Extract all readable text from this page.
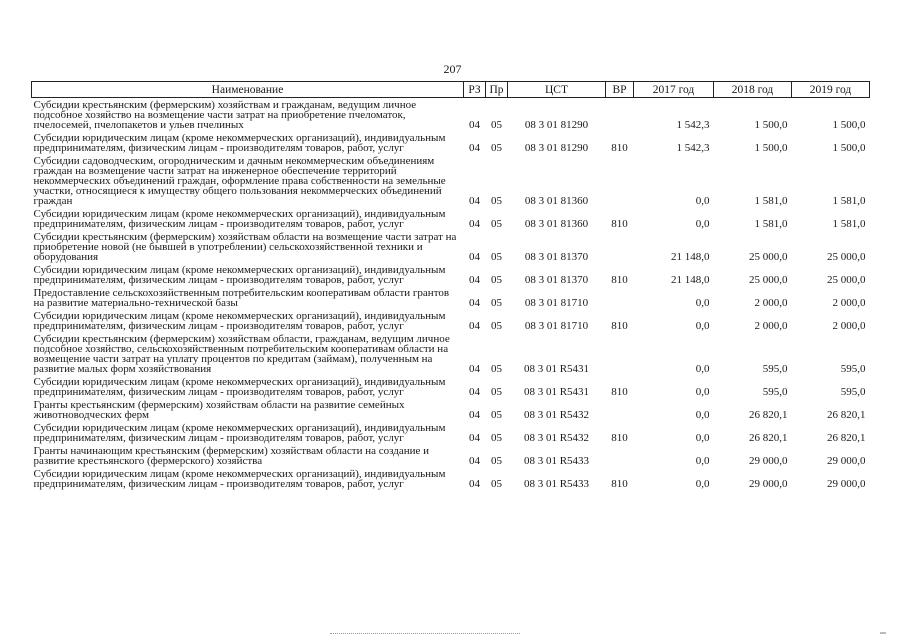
207
Наименование	РЗ	Пр	ЦСТ	ВР	2017 год	2018 год	2019 год
Субсидии крестьянским (фермерским) хозяйствам и гражданам, ведущим личное подсобное хозяйство на возмещение части затрат на приобретение пчеломаток, пчелосемей, пчелопакетов и ульев пчелиных	04	05	08 3 01 81290		1 542,3	1 500,0	1 500,0
Субсидии юридическим лицам (кроме некоммерческих организаций), индивидуальным предпринимателям, физическим лицам - производителям товаров, работ, услуг	04	05	08 3 01 81290	810	1 542,3	1 500,0	1 500,0
Субсидии садоводческим, огородническим и дачным некоммерческим объединениям граждан на возмещение части затрат на инженерное обеспечение территорий некоммерческих объединений граждан, оформление права собственности на земельные участки, относящиеся к имуществу общего пользования некоммерческих объединений граждан	04	05	08 3 01 81360		0,0	1 581,0	1 581,0
Субсидии юридическим лицам (кроме некоммерческих организаций), индивидуальным предпринимателям, физическим лицам - производителям товаров, работ, услуг	04	05	08 3 01 81360	810	0,0	1 581,0	1 581,0
Субсидии крестьянским (фермерским) хозяйствам области на возмещение части затрат на приобретение новой (не бывшей в употреблении) сельскохозяйственной техники и оборудования	04	05	08 3 01 81370		21 148,0	25 000,0	25 000,0
Субсидии юридическим лицам (кроме некоммерческих организаций), индивидуальным предпринимателям, физическим лицам - производителям товаров, работ, услуг	04	05	08 3 01 81370	810	21 148,0	25 000,0	25 000,0
Предоставление сельскохозяйственным потребительским кооперативам области грантов на развитие материально-технической базы	04	05	08 3 01 81710		0,0	2 000,0	2 000,0
Субсидии юридическим лицам (кроме некоммерческих организаций), индивидуальным предпринимателям, физическим лицам - производителям товаров, работ, услуг	04	05	08 3 01 81710	810	0,0	2 000,0	2 000,0
Субсидии крестьянским (фермерским) хозяйствам области, гражданам, ведущим личное подсобное хозяйство, сельскохозяйственным потребительским кооперативам области на возмещение части затрат на уплату процентов по кредитам (займам), полученным на развитие малых форм хозяйствования	04	05	08 3 01 R5431		0,0	595,0	595,0
Субсидии юридическим лицам (кроме некоммерческих организаций), индивидуальным предпринимателям, физическим лицам - производителям товаров, работ, услуг	04	05	08 3 01 R5431	810	0,0	595,0	595,0
Гранты крестьянским (фермерским) хозяйствам области на развитие семейных животноводческих ферм	04	05	08 3 01 R5432		0,0	26 820,1	26 820,1
Субсидии юридическим лицам (кроме некоммерческих организаций), индивидуальным предпринимателям, физическим лицам - производителям товаров, работ, услуг	04	05	08 3 01 R5432	810	0,0	26 820,1	26 820,1
Гранты начинающим крестьянским (фермерским) хозяйствам области на создание и развитие крестьянского (фермерского) хозяйства	04	05	08 3 01 R5433		0,0	29 000,0	29 000,0
Субсидии юридическим лицам (кроме некоммерческих организаций), индивидуальным предпринимателям, физическим лицам - производителям товаров, работ, услуг	04	05	08 3 01 R5433	810	0,0	29 000,0	29 000,0
